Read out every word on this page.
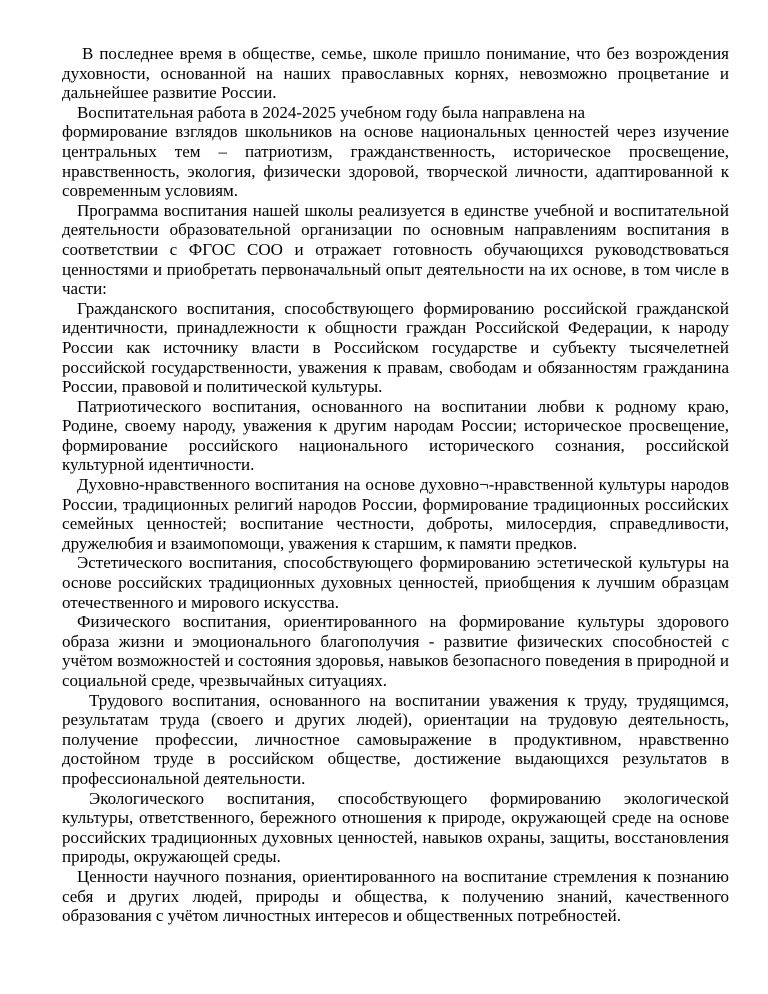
В последнее время в обществе, семье, школе пришло понимание, что без возрождения духовности, основанной на наших православных корнях, невозможно процветание и дальнейшее развитие России.

Воспитательная работа в 2024-2025 учебном году была направлена на

формирование взглядов школьников на основе национальных ценностей через изучение центральных тем – патриотизм, гражданственность, историческое просвещение, нравственность, экология, физически здоровой, творческой личности, адаптированной к современным условиям.

Программа воспитания нашей школы реализуется в единстве учебной и воспитательной деятельности образовательной организации по основным направлениям воспитания в соответствии с ФГОС СОО и отражает готовность обучающихся руководствоваться ценностями и приобретать первоначальный опыт деятельности на их основе, в том числе в части:

Гражданского воспитания, способствующего формированию российской гражданской идентичности, принадлежности к общности граждан Российской Федерации, к народу России как источнику власти в Российском государстве и субъекту тысячелетней российской государственности, уважения к правам, свободам и обязанностям гражданина России, правовой и политической культуры.

Патриотического воспитания, основанного на воспитании любви к родному краю, Родине, своему народу, уважения к другим народам России; историческое просвещение, формирование российского национального исторического сознания, российской культурной идентичности.

Духовно-нравственного воспитания на основе духовно¬-нравственной культуры народов России, традиционных религий народов России, формирование традиционных российских семейных ценностей; воспитание честности, доброты, милосердия, справедливости, дружелюбия и взаимопомощи, уважения к старшим, к памяти предков.

Эстетического воспитания, способствующего формированию эстетической культуры на основе российских традиционных духовных ценностей, приобщения к лучшим образцам отечественного и мирового искусства.

Физического воспитания, ориентированного на формирование культуры здорового образа жизни и эмоционального благополучия - развитие физических способностей с учётом возможностей и состояния здоровья, навыков безопасного поведения в природной и социальной среде, чрезвычайных ситуациях.

Трудового воспитания, основанного на воспитании уважения к труду, трудящимся, результатам труда (своего и других людей), ориентации на трудовую деятельность, получение профессии, личностное самовыражение в продуктивном, нравственно достойном труде в российском обществе, достижение выдающихся результатов в профессиональной деятельности.

Экологического воспитания, способствующего формированию экологической культуры, ответственного, бережного отношения к природе, окружающей среде на основе российских традиционных духовных ценностей, навыков охраны, защиты, восстановления природы, окружающей среды.

Ценности научного познания, ориентированного на воспитание стремления к познанию себя и других людей, природы и общества, к получению знаний, качественного образования с учётом личностных интересов и общественных потребностей.
